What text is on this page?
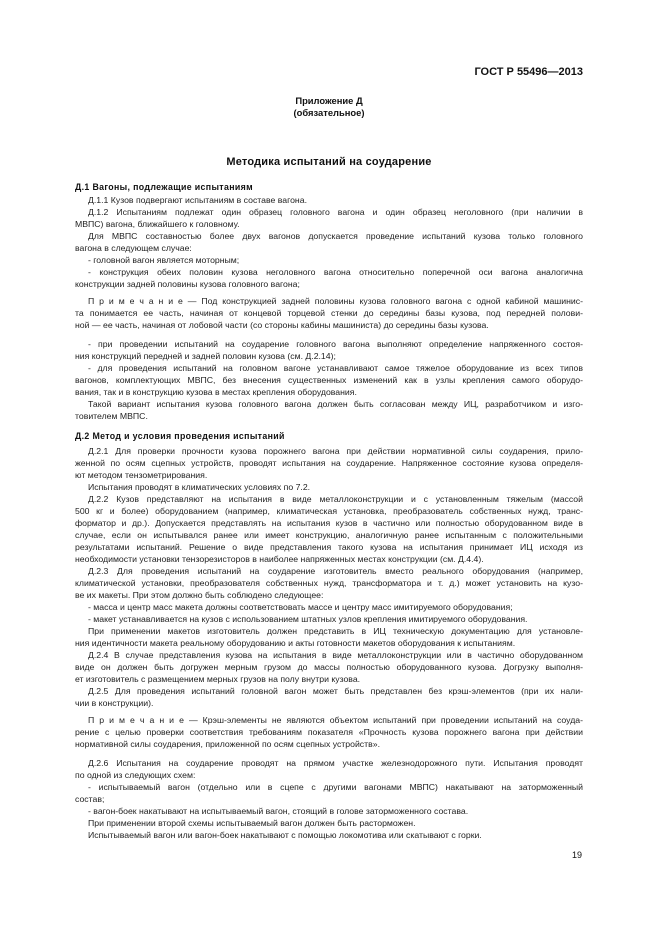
ГОСТ Р 55496—2013
Приложение Д
(обязательное)
Методика испытаний на соударение
Д.1 Вагоны, подлежащие испытаниям
Д.1.1 Кузов подвергают испытаниям в составе вагона.
Д.1.2 Испытаниям подлежат один образец головного вагона и один образец неголовного (при наличии в
МВПС) вагона, ближайшего к головному.
Для МВПС составностью более двух вагонов допускается проведение испытаний кузова только головного
вагона в следующем случае:
- головной вагон является моторным;
- конструкция обеих половин кузова неголовного вагона относительно поперечной оси вагона аналогична
конструкции задней половины кузова головного вагона;
П р и м е ч а н и е — Под конструкцией задней половины кузова головного вагона с одной кабиной машинис-
та понимается ее часть, начиная от концевой торцевой стенки до середины базы кузова, под передней полови-
ной — ее часть, начиная от лобовой части (со стороны кабины машиниста) до середины базы кузова.
- при проведении испытаний на соударение головного вагона выполняют определение напряженного состоя-
ния конструкций передней и задней половин кузова (см. Д.2.14);
- для проведения испытаний на головном вагоне устанавливают самое тяжелое оборудование из всех типов
вагонов, комплектующих МВПС, без внесения существенных изменений как в узлы крепления самого оборудо-
вания, так и в конструкцию кузова в местах крепления оборудования.
Такой вариант испытания кузова головного вагона должен быть согласован между ИЦ, разработчиком и изго-
товителем МВПС.
Д.2 Метод и условия проведения испытаний
Д.2.1 Для проверки прочности кузова порожнего вагона при действии нормативной силы соударения, прило-
женной по осям сцепных устройств, проводят испытания на соударение. Напряженное состояние кузова определя-
ют методом тензометрирования.
Испытания проводят в климатических условиях по 7.2.
Д.2.2 Кузов представляют на испытания в виде металлоконструкции и с установленным тяжелым (массой
500 кг и более) оборудованием (например, климатическая установка, преобразователь собственных нужд, транс-
форматор и др.). Допускается представлять на испытания кузов в частично или полностью оборудованном виде в
случае, если он испытывался ранее или имеет конструкцию, аналогичную ранее испытанным с положительными
результатами испытаний. Решение о виде представления такого кузова на испытания принимает ИЦ исходя из
необходимости установки тензорезисторов в наиболее напряженных местах конструкции (см. Д.4.4).
Д.2.3 Для проведения испытаний на соударение изготовитель вместо реального оборудования (например,
климатической установки, преобразователя собственных нужд, трансформатора и т. д.) может установить на кузо-
ве их макеты. При этом должно быть соблюдено следующее:
- масса и центр масс макета должны соответствовать массе и центру масс имитируемого оборудования;
- макет устанавливается на кузов с использованием штатных узлов крепления имитируемого оборудования.
При применении макетов изготовитель должен представить в ИЦ техническую документацию для установле-
ния идентичности макета реальному оборудованию и акты готовности макетов оборудования к испытаниям.
Д.2.4 В случае представления кузова на испытания в виде металлоконструкции или в частично оборудованном
виде он должен быть догружен мерным грузом до массы полностью оборудованного кузова. Догрузку выполня-
ет изготовитель с размещением мерных грузов на полу внутри кузова.
Д.2.5 Для проведения испытаний головной вагон может быть представлен без крэш-элементов (при их нали-
чии в конструкции).
П р и м е ч а н и е — Крэш-элементы не являются объектом испытаний при проведении испытаний на соуда-
рение с целью проверки соответствия требованиям показателя «Прочность кузова порожнего вагона при действии
нормативной силы соударения, приложенной по осям сцепных устройств».
Д.2.6 Испытания на соударение проводят на прямом участке железнодорожного пути. Испытания проводят
по одной из следующих схем:
- испытываемый вагон (отдельно или в сцепе с другими вагонами МВПС) накатывают на заторможенный
состав;
- вагон-боек накатывают на испытываемый вагон, стоящий в голове заторможенного состава.
При применении второй схемы испытываемый вагон должен быть расторможен.
Испытываемый вагон или вагон-боек накатывают с помощью локомотива или скатывают с горки.
19
